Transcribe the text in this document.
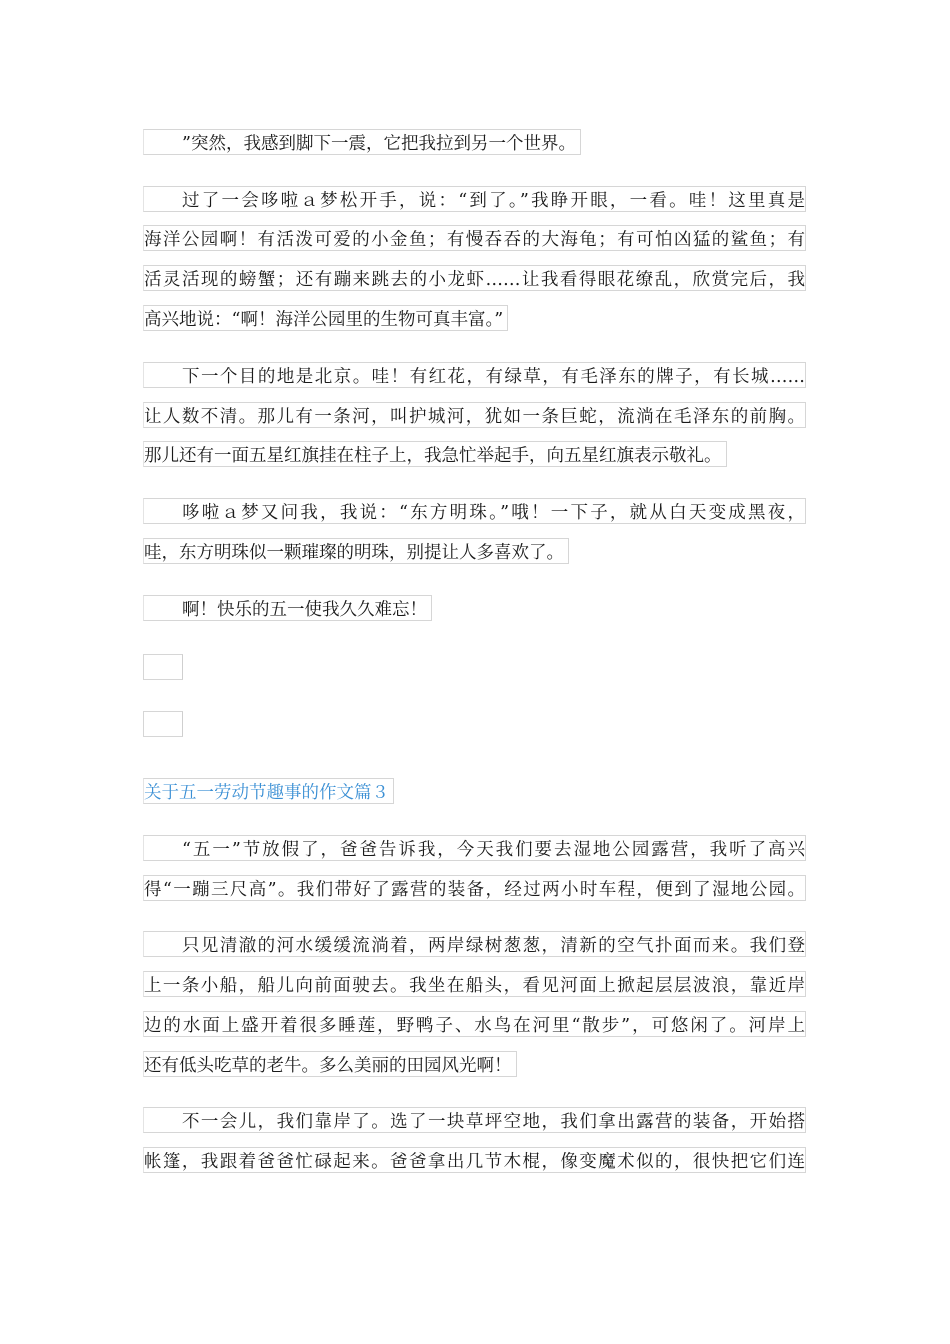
”突然，我感到脚下一震，它把我拉到另一个世界。
过了一会哆啦ａ梦松开手，说：“到了。”我睁开眼，一看。哇！这里真是
海洋公园啊！有活泼可爱的小金鱼；有慢吞吞的大海龟；有可怕凶猛的鲨鱼；有
活灵活现的螃蟹；还有蹦来跳去的小龙虾……让我看得眼花缭乱，欣赏完后，我
高兴地说：“啊！海洋公园里的生物可真丰富。”
下一个目的地是北京。哇！有红花，有绿草，有毛泽东的牌子，有长城……
让人数不清。那儿有一条河，叫护城河，犹如一条巨蛇，流淌在毛泽东的前胸。
那儿还有一面五星红旗挂在柱子上，我急忙举起手，向五星红旗表示敬礼。
哆啦ａ梦又问我，我说：“东方明珠。”哦！一下子，就从白天变成黑夜，
哇，东方明珠似一颗璀璨的明珠，别提让人多喜欢了。
啊！快乐的五一使我久久难忘！
关于五一劳动节趣事的作文篇３
“五一”节放假了，爸爸告诉我，今天我们要去湿地公园露营，我听了高兴
得“一蹦三尺高”。我们带好了露营的装备，经过两小时车程，便到了湿地公园。
只见清澈的河水缓缓流淌着，两岸绿树葱葱，清新的空气扑面而来。我们登
上一条小船，船儿向前面驶去。我坐在船头，看见河面上掀起层层波浪，靠近岸
边的水面上盛开着很多睡莲，野鸭子、水鸟在河里“散步”，可悠闲了。河岸上
还有低头吃草的老牛。多么美丽的田园风光啊！
不一会儿，我们靠岸了。选了一块草坪空地，我们拿出露营的装备，开始搭
帐篷，我跟着爸爸忙碌起来。爸爸拿出几节木棍，像变魔术似的，很快把它们连
